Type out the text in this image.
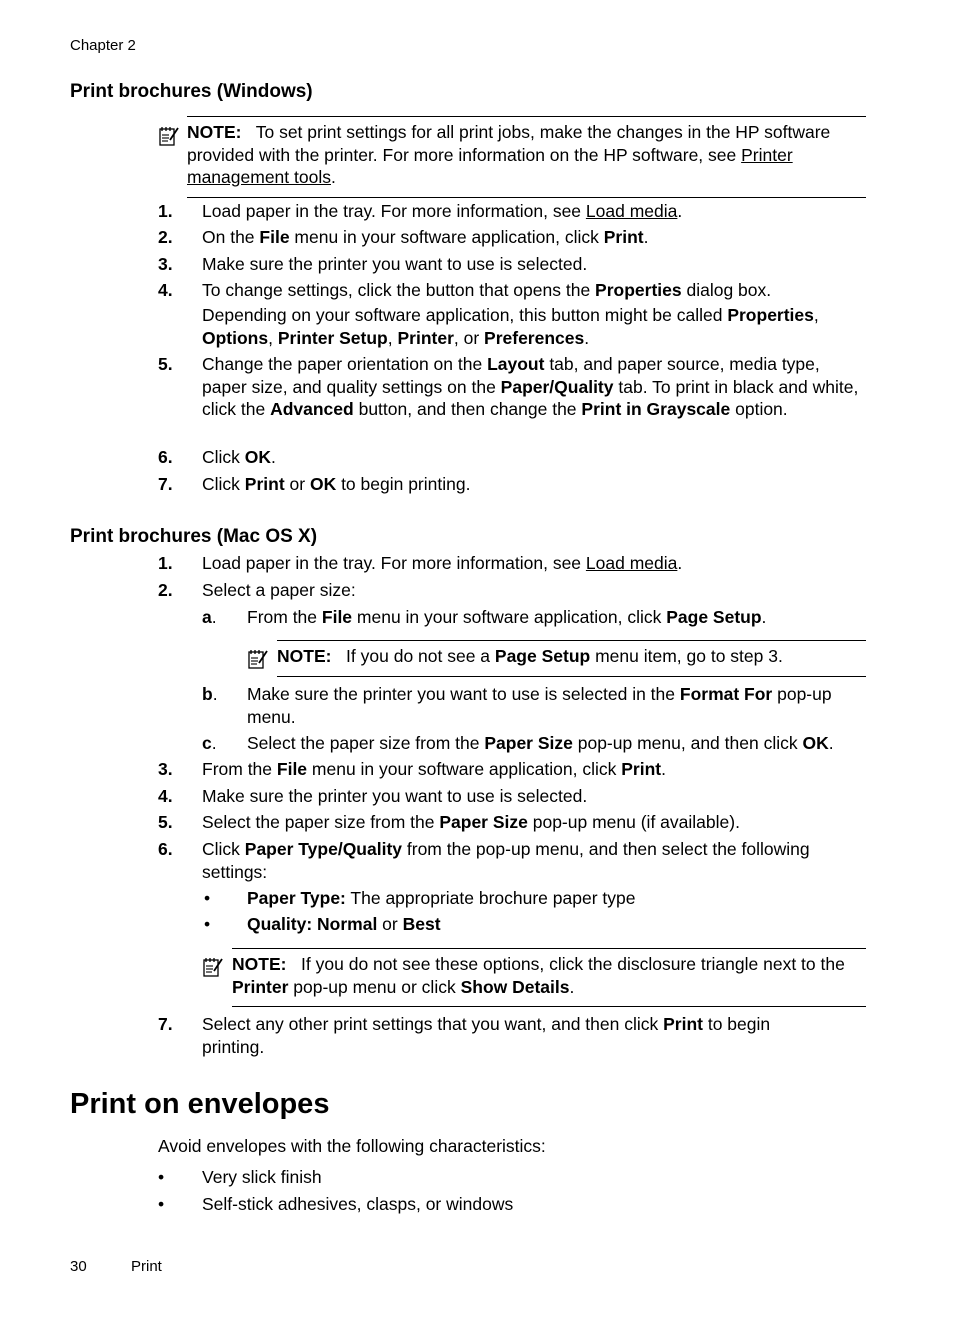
Chapter 2
Print brochures (Windows)
NOTE: To set print settings for all print jobs, make the changes in the HP software provided with the printer. For more information on the HP software, see Printer management tools.
1. Load paper in the tray. For more information, see Load media.
2. On the File menu in your software application, click Print.
3. Make sure the printer you want to use is selected.
4. To change settings, click the button that opens the Properties dialog box.
Depending on your software application, this button might be called Properties,
Options, Printer Setup, Printer, or Preferences.
5. Change the paper orientation on the Layout tab, and paper source, media type, paper size, and quality settings on the Paper/Quality tab. To print in black and white, click the Advanced button, and then change the Print in Grayscale option.
6. Click OK.
7. Click Print or OK to begin printing.
Print brochures (Mac OS X)
1. Load paper in the tray. For more information, see Load media.
2. Select a paper size:
a. From the File menu in your software application, click Page Setup.
NOTE: If you do not see a Page Setup menu item, go to step 3.
b. Make sure the printer you want to use is selected in the Format For pop-up menu.
c. Select the paper size from the Paper Size pop-up menu, and then click OK.
3. From the File menu in your software application, click Print.
4. Make sure the printer you want to use is selected.
5. Select the paper size from the Paper Size pop-up menu (if available).
6. Click Paper Type/Quality from the pop-up menu, and then select the following settings:
• Paper Type: The appropriate brochure paper type
• Quality: Normal or Best
NOTE: If you do not see these options, click the disclosure triangle next to the Printer pop-up menu or click Show Details.
7. Select any other print settings that you want, and then click Print to begin printing.
Print on envelopes
Avoid envelopes with the following characteristics:
• Very slick finish
• Self-stick adhesives, clasps, or windows
30	Print
